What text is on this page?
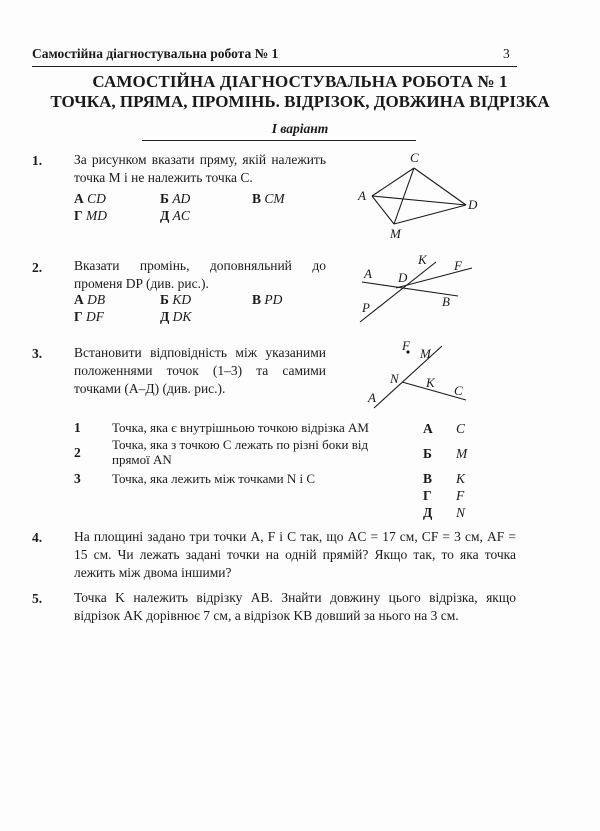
Самостійна діагностувальна робота № 1	3
САМОСТІЙНА ДІАГНОСТУВАЛЬНА РОБОТА № 1
ТОЧКА, ПРЯМА, ПРОМІНЬ. ВІДРІЗОК, ДОВЖИНА ВІДРІЗКА
І варіант
1. За рисунком вказати пряму, якій належить точка M і не належить точка C.
А CD	Б AD	В CM
Г MD	Д AC
C
A
D
M
2. Вказати промінь, доповняльний до променя DP (див. рис.).
А DB	Б KD	В PD
Г DF	Д DK
K F
A D
B
P
3. Встановити відповідність між указаними положеннями точок (1–3) та самими точками (А–Д) (див. рис.).
F
M
N K
C
A
1 Точка, яка є внутрішньою точкою відрізка AM
2
Точка, яка з точкою C лежать по різні боки від прямої AN
3 Точка, яка лежить між точками N і C
А C
Б M
В K
Г F
Д N
4. На площині задано три точки A, F і C так, що AC = 17 см, CF = 3 см, AF = 15 см. Чи лежать задані точки на одній прямій? Якщо так, то яка точка лежить між двома іншими?
5. Точка K належить відрізку AB. Знайти довжину цього відрізка, якщо відрізок AK дорівнює 7 см, а відрізок KB довший за нього на 3 см.
